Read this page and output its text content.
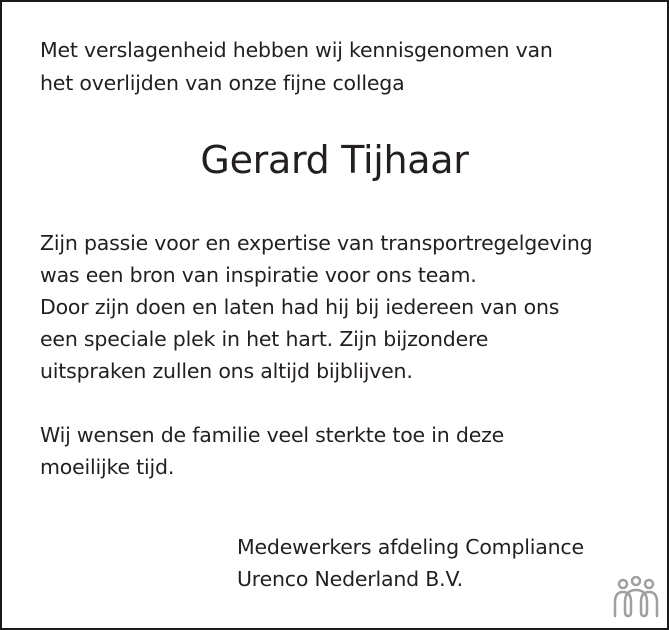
Met verslagenheid hebben wij kennisgenomen van
het overlijden van onze fijne collega
Gerard Tijhaar
Zijn passie voor en expertise van transportregelgeving
was een bron van inspiratie voor ons team.
Door zijn doen en laten had hij bij iedereen van ons
een speciale plek in het hart. Zijn bijzondere
uitspraken zullen ons altijd bijblijven.
Wij wensen de familie veel sterkte toe in deze
moeilijke tijd.
Medewerkers afdeling Compliance
Urenco Nederland B.V.
